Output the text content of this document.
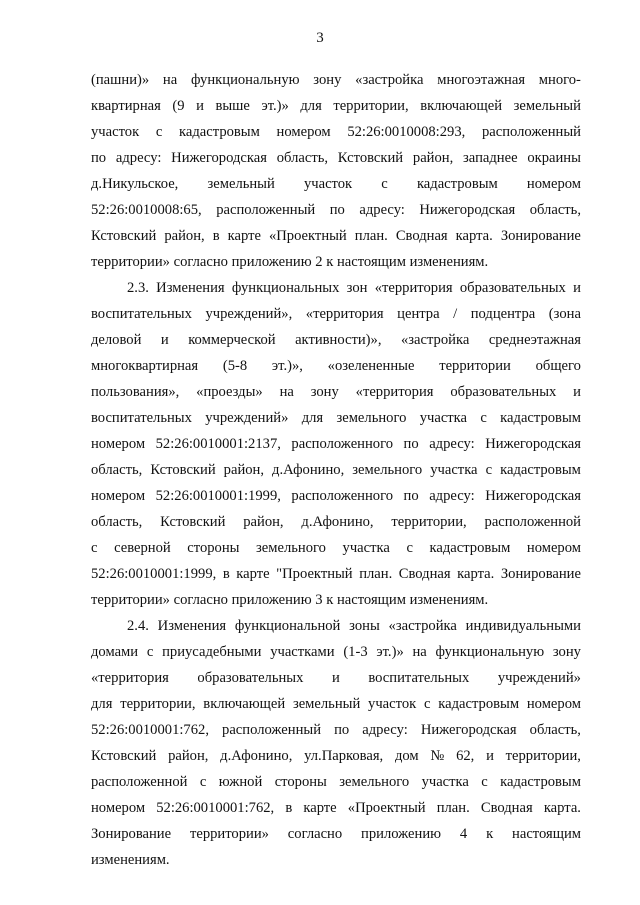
3
(пашни)» на функциональную зону «застройка многоэтажная много-
квартирная (9 и выше эт.)» для территории, включающей земельный
участок с кадастровым номером 52:26:0010008:293, расположенный
по адресу: Нижегородская область, Кстовский район, западнее окраины
д.Никульское, земельный участок с кадастровым номером
52:26:0010008:65, расположенный по адресу: Нижегородская область,
Кстовский район, в карте «Проектный план. Сводная карта. Зонирование
территории» согласно приложению 2 к настоящим изменениям.
2.3. Изменения функциональных зон «территория образовательных и
воспитательных учреждений», «территория центра / подцентра (зона
деловой и коммерческой активности)», «застройка среднеэтажная
многоквартирная (5-8 эт.)», «озелененные территории общего
пользования», «проезды» на зону «территория образовательных и
воспитательных учреждений» для земельного участка с кадастровым
номером 52:26:0010001:2137, расположенного по адресу: Нижегородская
область, Кстовский район, д.Афонино, земельного участка с кадастровым
номером 52:26:0010001:1999, расположенного по адресу: Нижегородская
область, Кстовский район, д.Афонино, территории, расположенной
с северной стороны земельного участка с кадастровым номером
52:26:0010001:1999, в карте "Проектный план. Сводная карта. Зонирование
территории» согласно приложению 3 к настоящим изменениям.
2.4. Изменения функциональной зоны «застройка индивидуальными
домами с приусадебными участками (1-3 эт.)» на функциональную зону
«территория образовательных и воспитательных учреждений»
для территории, включающей земельный участок с кадастровым номером
52:26:0010001:762, расположенный по адресу: Нижегородская область,
Кстовский район, д.Афонино, ул.Парковая, дом № 62, и территории,
расположенной с южной стороны земельного участка с кадастровым
номером 52:26:0010001:762, в карте «Проектный план. Сводная карта.
Зонирование территории» согласно приложению 4 к настоящим
изменениям.
